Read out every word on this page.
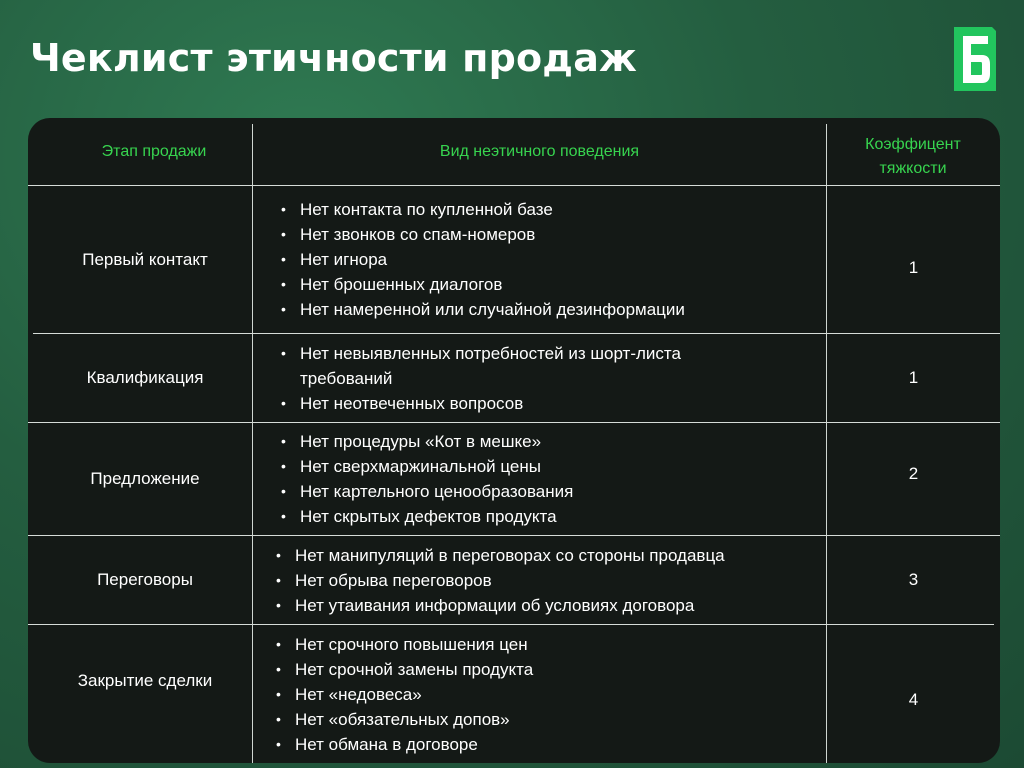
Чеклист этичности продаж
Этап продажи	Вид неэтичного поведения	Коэффицент тяжкости
Первый контакт
• Нет контакта по купленной базе
• Нет звонков со спам-номеров
• Нет игнора
• Нет брошенных диалогов
• Нет намеренной или случайной дезинформации
1
Квалификация
• Нет невыявленных потребностей из шорт-листа требований
• Нет неотвеченных вопросов
1
Предложение
• Нет процедуры «Кот в мешке»
• Нет сверхмаржинальной цены
• Нет картельного ценообразования
• Нет скрытых дефектов продукта
2
Переговоры
• Нет манипуляций в переговорах со стороны продавца
• Нет обрыва переговоров
• Нет утаивания информации об условиях договора
3
Закрытие сделки
• Нет срочного повышения цен
• Нет срочной замены продукта
• Нет «недовеса»
• Нет «обязательных допов»
• Нет обмана в договоре
4
